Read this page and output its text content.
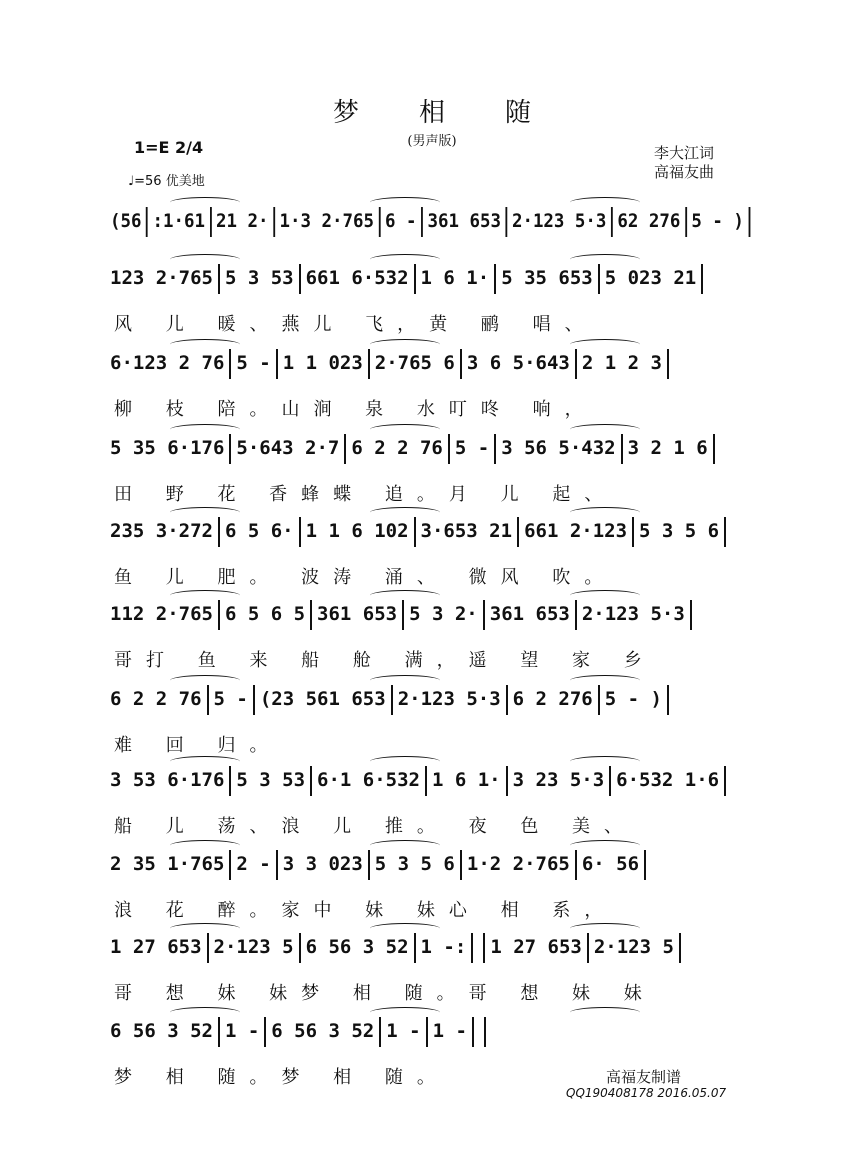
梦相随
(男声版)
1=E 2/4
♩=56 优美地
李大江词
高福友曲
(56 :1·61 21 2· 1·3 2·765 6 - 361 653 2·123 5·3 62 276 5 - )
123 2·765 5 3 53 661 6·532 1 6 1· 5 35 653 5 023 21
风 儿 暖、燕儿 飞，黄 鹂 唱、
6·123 2 76 5 - 1 1 023 2·765 6 3 6 5·643 2 1 2 3
柳 枝 陪。山涧 泉 水叮咚 响，
5 35 6·176 5·643 2·7 6 2 2 76 5 - 3 56 5·432 3 2 1 6
田 野 花 香蜂蝶 追。月 儿 起、
235 3·272 6 5 6· 1 1 6 102 3·653 21 661 2·123 5 3 5 6
鱼 儿 肥。 波涛 涌、 微风 吹。
112 2·765 6 5 6 5 361 653 5 3 2· 361 653 2·123 5·3
哥打 鱼 来 船 舱 满，遥 望 家 乡
6 2 2 76 5 - (23 561 653 2·123 5·3 6 2 276 5 - )
难 回 归。
3 53 6·176 5 3 53 6·1 6·532 1 6 1· 3 23 5·3 6·532 1·6
船 儿 荡、浪 儿 推。 夜 色 美、
2 35 1·765 2 - 3 3 023 5 3 5 6 1·2 2·765 6· 56
浪 花 醉。家中 妹 妹心 相 系，
1 27 653 2·123 5 6 56 3 52 1 -: 1 27 653 2·123 5
哥 想 妹 妹梦 相 随。哥 想 妹 妹
6 56 3 52 1 - 6 56 3 52 1 - 1 -
梦 相 随。梦 相 随。	高福友制谱
QQ190408178 2016.05.07
